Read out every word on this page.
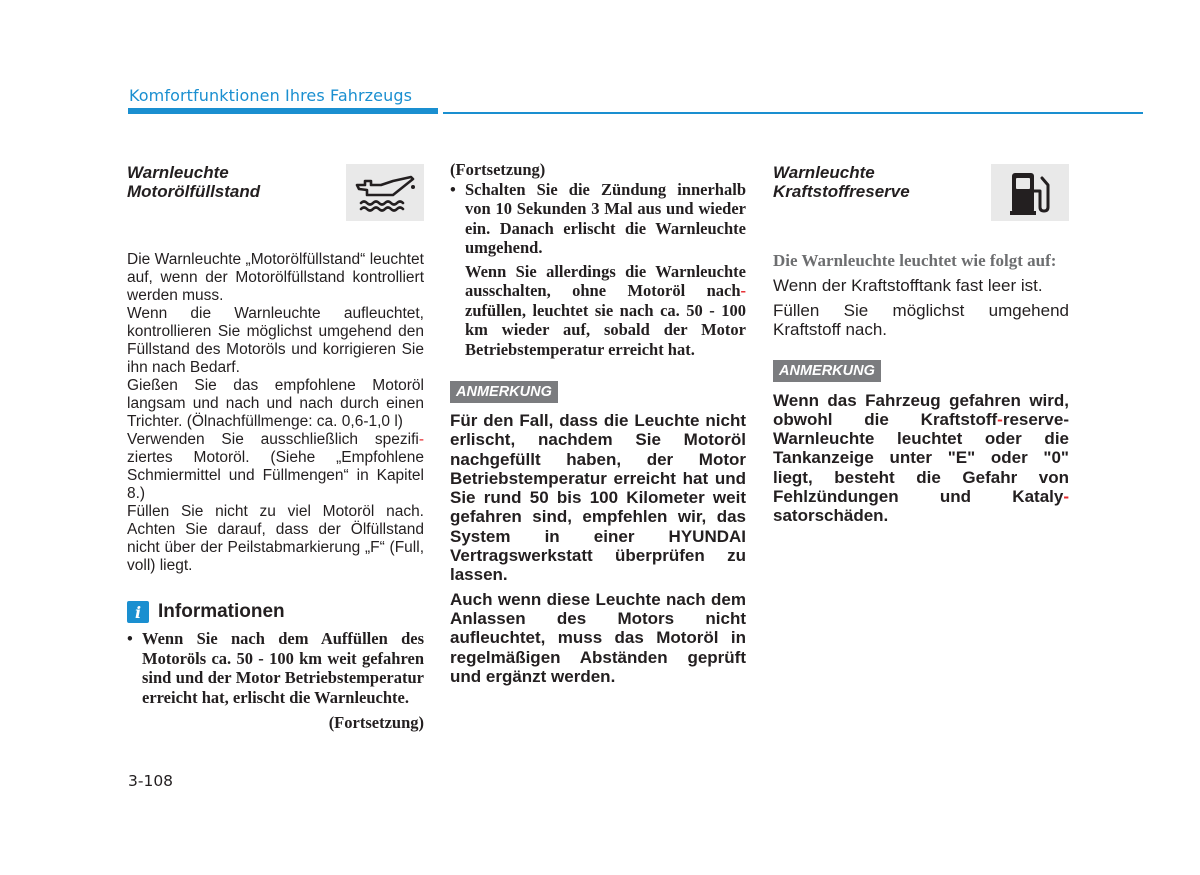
Komfortfunktionen Ihres Fahrzeugs
Warnleuchte
Motorölfüllstand

Die Warnleuchte „Motorölfüllstand“ leuchtet auf, wenn der Motorölfüllstand kontrolliert werden muss.

Wenn die Warnleuchte aufleuchtet, kontrollieren Sie möglichst umgehend den Füllstand des Motoröls und korrigieren Sie ihn nach Bedarf.

Gießen Sie das empfohlene Motoröl langsam und nach und nach durch einen Trichter. (Ölnachfüllmenge: ca. 0,6-1,0 l)

Verwenden Sie ausschließlich spezifi-ziertes Motoröl. (Siehe „Empfohlene Schmiermittel und Füllmengen“ in Kapitel 8.)

Füllen Sie nicht zu viel Motoröl nach. Achten Sie darauf, dass der Ölfüllstand nicht über der Peilstabmarkierung „F“ (Full, voll) liegt.

i Informationen
• Wenn Sie nach dem Auffüllen des Motoröls ca. 50 - 100 km weit gefahren sind und der Motor Betriebstemperatur erreicht hat, erlischt die Warnleuchte.
(Fortsetzung)
(Fortsetzung)
• Schalten Sie die Zündung innerhalb von 10 Sekunden 3 Mal aus und wieder ein. Danach erlischt die Warnleuchte umgehend.
Wenn Sie allerdings die Warnleuchte ausschalten, ohne Motoröl nach-zufüllen, leuchtet sie nach ca. 50 - 100 km wieder auf, sobald der Motor Betriebstemperatur erreicht hat.
ANMERKUNG

Für den Fall, dass die Leuchte nicht erlischt, nachdem Sie Motoröl nachgefüllt haben, der Motor Betriebstemperatur erreicht hat und Sie rund 50 bis 100 Kilometer weit gefahren sind, empfehlen wir, das System in einer HYUNDAI Vertragswerkstatt überprüfen zu lassen.

Auch wenn diese Leuchte nach dem Anlassen des Motors nicht aufleuchtet, muss das Motoröl in regelmäßigen Abständen geprüft und ergänzt werden.

Warnleuchte
Kraftstoffreserve

Die Warnleuchte leuchtet wie folgt auf:

Wenn der Kraftstofftank fast leer ist.

Füllen Sie möglichst umgehend Kraftstoff nach.

ANMERKUNG

Wenn das Fahrzeug gefahren wird, obwohl die Kraftstoff-reserve- Warnleuchte leuchtet oder die Tankanzeige unter "E" oder "0" liegt, besteht die Gefahr von Fehlzündungen und Kataly-satorschäden.

3-108
